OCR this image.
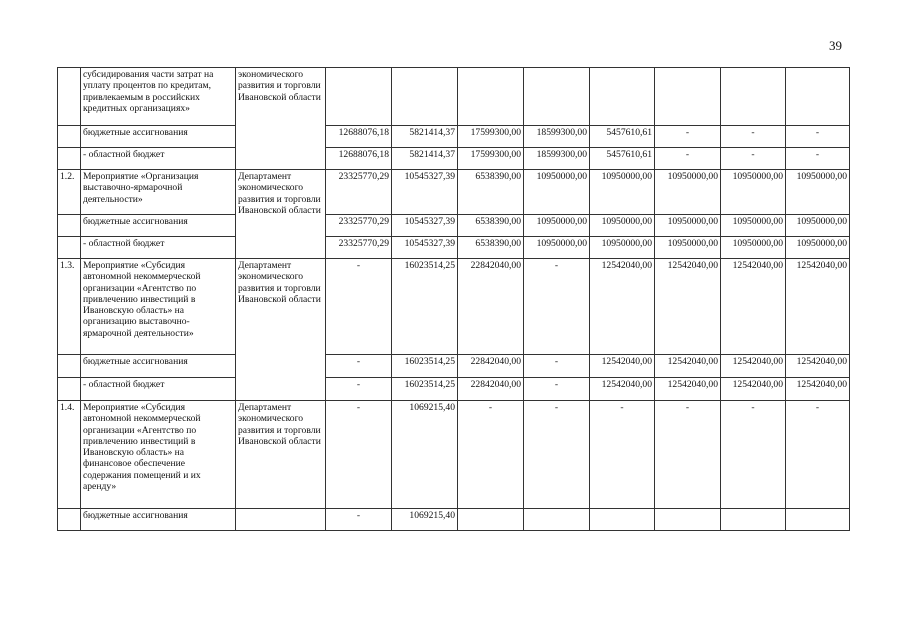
39
	субсидирования части затрат на уплату процентов по кредитам, привлекаемым в российских кредитных организациях»	экономического развития и торговли Ивановской области								
	бюджетные ассигнования		12688076,18	5821414,37	17599300,00	18599300,00	5457610,61	-	-	-
	- областной бюджет		12688076,18	5821414,37	17599300,00	18599300,00	5457610,61	-	-	-
1.2.	Мероприятие «Организация выставочно-ярмарочной деятельности»	Департамент экономического развития и торговли Ивановской области	23325770,29	10545327,39	6538390,00	10950000,00	10950000,00	10950000,00	10950000,00	10950000,00
	бюджетные ассигнования		23325770,29	10545327,39	6538390,00	10950000,00	10950000,00	10950000,00	10950000,00	10950000,00
	- областной бюджет		23325770,29	10545327,39	6538390,00	10950000,00	10950000,00	10950000,00	10950000,00	10950000,00
1.3.	Мероприятие «Субсидия автономной некоммерческой организации «Агентство по привлечению инвестиций в Ивановскую область» на организацию выставочно-ярмарочной деятельности»	Департамент экономического развития и торговли Ивановской области	-	16023514,25	22842040,00	-	12542040,00	12542040,00	12542040,00	12542040,00
	бюджетные ассигнования		-	16023514,25	22842040,00	-	12542040,00	12542040,00	12542040,00	12542040,00
	- областной бюджет		-	16023514,25	22842040,00	-	12542040,00	12542040,00	12542040,00	12542040,00
1.4.	Мероприятие «Субсидия автономной некоммерческой организации «Агентство по привлечению инвестиций в Ивановскую область» на финансовое обеспечение содержания помещений и их аренду»	Департамент экономического развития и торговли Ивановской области	-	1069215,40	-	-	-	-	-	-
	бюджетные ассигнования		-	1069215,40						
